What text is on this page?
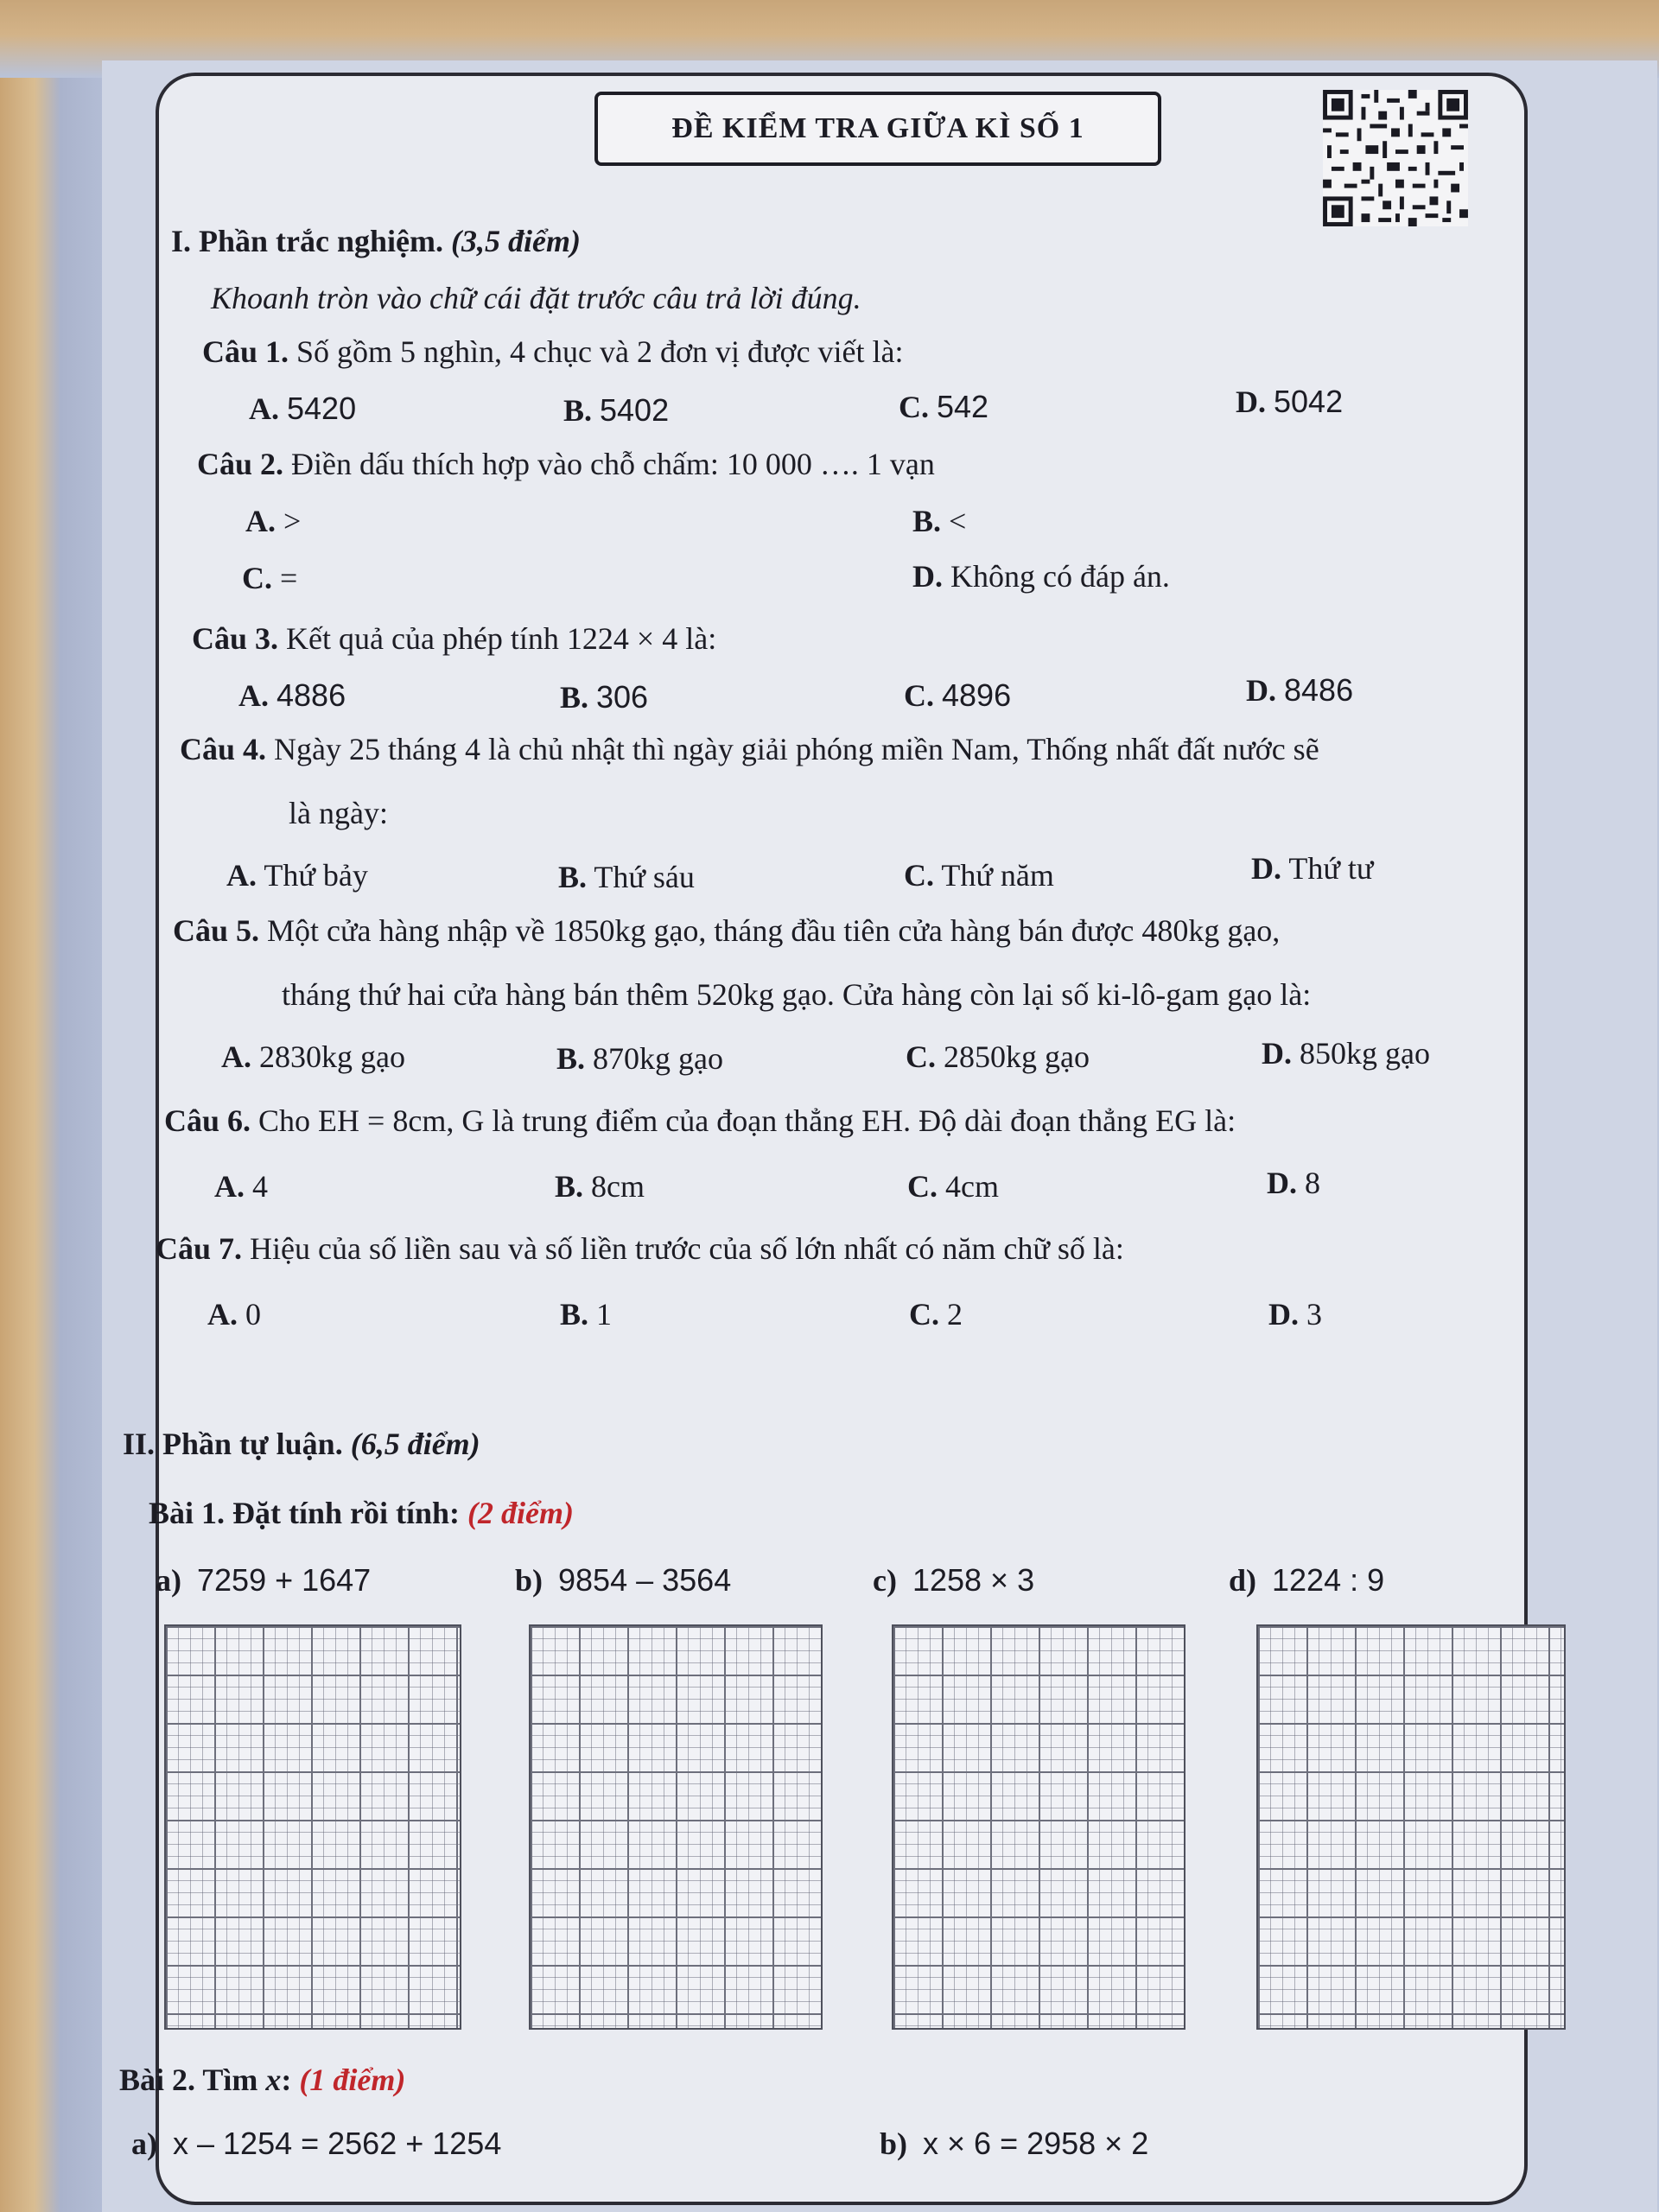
ĐỀ KIỂM TRA GIỮA KÌ SỐ 1
I. Phần trắc nghiệm. (3,5 điểm)
Khoanh tròn vào chữ cái đặt trước câu trả lời đúng.
Câu 1. Số gồm 5 nghìn, 4 chục và 2 đơn vị được viết là:
A. 5420	B. 5402	C. 542	D. 5042
Câu 2. Điền dấu thích hợp vào chỗ chấm: 10 000 …. 1 vạn
A. >	B. <
C. =	D. Không có đáp án.
Câu 3. Kết quả của phép tính 1224 × 4 là:
A. 4886	B. 306	C. 4896	D. 8486
Câu 4. Ngày 25 tháng 4 là chủ nhật thì ngày giải phóng miền Nam, Thống nhất đất nước sẽ
là ngày:
A. Thứ bảy	B. Thứ sáu	C. Thứ năm	D. Thứ tư
Câu 5. Một cửa hàng nhập về 1850kg gạo, tháng đầu tiên cửa hàng bán được 480kg gạo,
tháng thứ hai cửa hàng bán thêm 520kg gạo. Cửa hàng còn lại số ki-lô-gam gạo là:
A. 2830kg gạo	B. 870kg gạo	C. 2850kg gạo	D. 850kg gạo
Câu 6. Cho EH = 8cm, G là trung điểm của đoạn thẳng EH. Độ dài đoạn thẳng EG là:
A. 4	B. 8cm	C. 4cm	D. 8
Câu 7. Hiệu của số liền sau và số liền trước của số lớn nhất có năm chữ số là:
A. 0	B. 1	C. 2	D. 3
II. Phần tự luận. (6,5 điểm)
Bài 1. Đặt tính rồi tính: (2 điểm)
a) 7259 + 1647	b) 9854 – 3564	c) 1258 × 3	d) 1224 : 9
Bài 2. Tìm x: (1 điểm)
a) x – 1254 = 2562 + 1254	b) x × 6 = 2958 × 2
